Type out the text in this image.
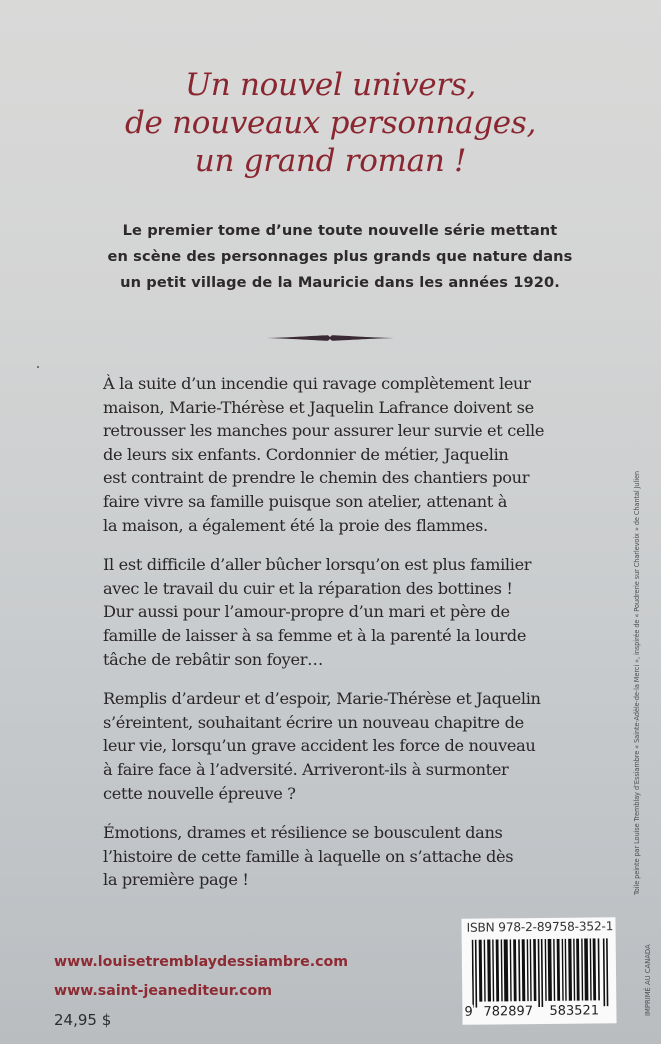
Un nouvel univers,
de nouveaux personnages,
un grand roman !
Le premier tome d’une toute nouvelle série mettant
en scène des personnages plus grands que nature dans
un petit village de la Mauricie dans les années 1920.

À la suite d’un incendie qui ravage complètement leur
maison, Marie-Thérèse et Jaquelin Lafrance doivent se
retrousser les manches pour assurer leur survie et celle
de leurs six enfants. Cordonnier de métier, Jaquelin
est contraint de prendre le chemin des chantiers pour
faire vivre sa famille puisque son atelier, attenant à
la maison, a également été la proie des flammes.

Il est difficile d’aller bûcher lorsqu’on est plus familier
avec le travail du cuir et la réparation des bottines !
Dur aussi pour l’amour-propre d’un mari et père de
famille de laisser à sa femme et à la parenté la lourde
tâche de rebâtir son foyer…

Remplis d’ardeur et d’espoir, Marie-Thérèse et Jaquelin
s’éreintent, souhaitant écrire un nouveau chapitre de
leur vie, lorsqu’un grave accident les force de nouveau
à faire face à l’adversité. Arriveront-ils à surmonter
cette nouvelle épreuve ?

Émotions, drames et résilience se bousculent dans
l’histoire de cette famille à laquelle on s’attache dès
la première page !

www.louisetremblaydessiambre.com
www.saint-jeanediteur.com
24,95 $
ISBN 978-2-89758-352-1
9 782897 583521
Toile peinte par Louise Tremblay d’Essiambre « Sainte-Adèle-de-la Merci », inspirée de « Poudrerie sur Charlevoix » de Chantal Julien
IMPRIMÉ AU CANADA
